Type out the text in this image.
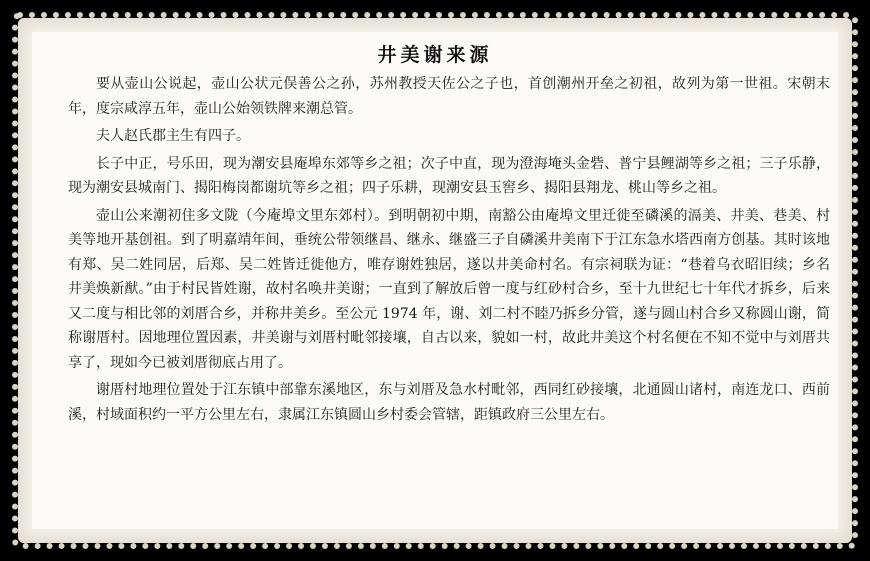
井美谢来源

要从壶山公说起，壶山公状元俣善公之孙，苏州教授天佐公之子也，首创潮州开垒之初祖，故列为第一世祖。宋朝末年，度宗咸淳五年，壶山公始领铁牌来潮总管。

夫人赵氏郡主生有四子。

长子中正，号乐田，现为潮安县庵埠东郊等乡之祖；次子中直，现为澄海埯头金砦、普宁县鲤湖等乡之祖；三子乐静，现为潮安县城南门、揭阳梅岗都谢坑等乡之祖；四子乐耕，现潮安县玉窖乡、揭阳县翔龙、桃山等乡之祖。

壶山公来潮初住多文陇（今庵埠文里东郊村）。到明朝初中期，南豁公由庵埠文里迁徙至磷溪的滆美、井美、巷美、村美等地开基创祖。到了明嘉靖年间，垂统公带领继昌、继永、继盛三子自磷溪井美南下于江东急水塔西南方创基。其时该地有郑、吴二姓同居，后郑、吴二姓皆迁徙他方，唯存谢姓独居，遂以井美命村名。有宗祠联为证：“巷着乌衣昭旧续；乡名井美焕新猷。”由于村民皆姓谢，故村名唤井美谢；一直到了解放后曾一度与红砂村合乡，至十九世纪七十年代才拆乡，后来又二度与相比邻的刘厝合乡，并称井美乡。至公元 1974 年，谢、刘二村不睦乃拆乡分管，遂与圆山村合乡又称圆山谢，简称谢厝村。因地理位置因素，井美谢与刘厝村毗邻接壤，自古以来，貌如一村，故此井美这个村名便在不知不觉中与刘厝共享了，现如今已被刘厝彻底占用了。

谢厝村地理位置处于江东镇中部靠东溪地区，东与刘厝及急水村毗邻，西同红砂接壤，北通圆山诸村，南连龙口、西前溪，村域面积约一平方公里左右，隶属江东镇圆山乡村委会管辖，距镇政府三公里左右。
